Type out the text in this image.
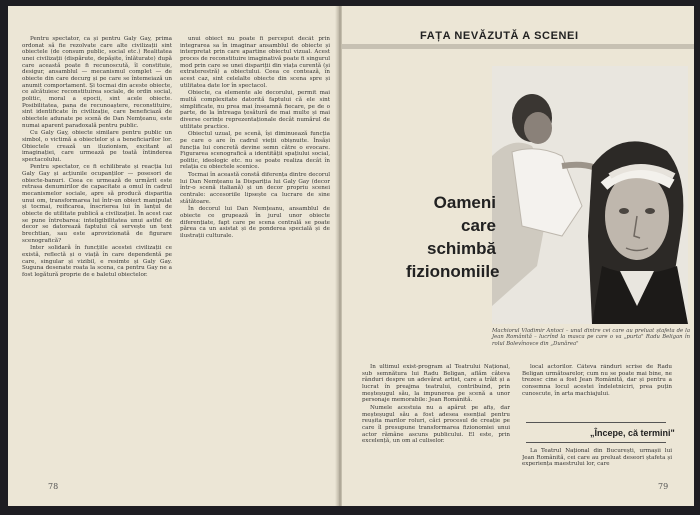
Pentru spectator, ca și pentru Galy Gay, prima ordonat să fie rezolvate care alte civilizații sint obiectele (de consum public, social etc.) Realitatea unei civilizații (dispărute, depășite, înlăturate) după care această poate fi recunoscută, îl constituie, desigur, ansamblul — mecanismul complet — de obiecte din care decurg și pe care se întemeiază un anumit comportament. Și tocmai din aceste obiecte, ce alcătuiesc reconstituirea sociale, de ordin social, politic, moral a epocii, sint acele obiecte. Posibilitatea, pana de recunoaștere, reconstituire, sint identificate în civilizație, care beneficiază de obiectele adunate pe scenă de Dan Nemțeanu, este numai aparent paradoxală pentru public.

Cu Galy Gay, obiecte similare pentru public un simbol, o victimă a obiectelor și a beneficiarilor lor. Obiectele crează un iluzionism, excitant al imaginației, care urmează pe toată întinderea spectacolului.

Pentru spectator, ce fi echilibrate și reacția lui Galy Gay și acțiunile ocupanților — posesori de obiecte-banuri. Ceea ce urmează de urmărit este retrasa denumirilor de capacitate a omul în cadrul mecanismelor sociale, apre să producă disparitia unui om, transformarea lui într-un obiect manipulat și tocmai, reificarea, înscrierea lui în lanțul de obiecte de utilitate publică a civilizației. În acest caz se pune întrebarea: inteligibilitatea unui astfel de decor se datorează faptului că servește un text brechtian, sau este aprovizionată de figurare scenografică?

Inter solidară în funcțiile acestei civilizații ce există, reflectă și o viață în care dependentă pe care, singular și vizibil, e resimte și Galy Gay. Suguna desenate roata la scena, ca pentru Gay ne a fost legătură proprie de e baletul obiectelor.

unui obiect nu poate fi perceput decât prin integrarea sa în imaginar ansamblul de obiecte și interpretat prin care apartine obiectul vizual. Acest proces de reconstituire imaginativă poate fi singurul mod prin care se unei dispariții din viața curentă (și extraterestră) a obiectului. Ceea ce contează, în acest caz, sint celelalte obiecte din scena spre și utilitatea date lor în spectacol.

Obiecte, ca elemente ale decorului, permit mai multă complexitate datorită faptului că ele sint simplificate, nu prea mai înseamnă fiecare, pe de o parte, de la întreaga țesătură de mai multe și mai diverse cerințe reprezentaționale decât numărul de utilitate practice.

Obiectul uzual, pe scenă, își diminuează funcția pe care o are în cadrul vieții obișnuite. Însăși funcția lui concretă devine semn către o evocare. Figurarea scenografică a identității spațiului social, politic, ideologic etc. nu se poate realiza decât în relația cu obiectele scenice.

Tocmai în această constă diferența dintre decorul lui Dan Nemțeanu la Dispariția lui Galy Gay (decor într-o scenă italiană) și un decor propriu scenei centrale: accesoriile lipsește ca lucrare de sine stătătoare.

În decorul lui Dan Nemțeanu, ansamblul de obiecte ce grupează în jurul unor obiecte diferențiate, fapt care pe scena centrală se poate părea ca un asistat și de ponderea specială și de ilustrații culturale.

78
FAȚA NEVĂZUTĂ A SCENEI
Oameni
care
schimbă
fizionomiile
Machiorul Vladimir Antoci – unul dintre cei care au preluat ștafeta de la Jean Românită – lucrînd la masca pe care o va „purta" Radu Beligan în rolul Bolevînovce din „Dunărea"

În ultimul exist-program al Teatrului Național, sub semnătura lui Radu Beligan, aflăm câteva rânduri despre un adevărat artist, care a trăit și a lucrat în preajma teatrului, contribuind, prin meșteșugul său, la impunerea pe scenă a unor personaje memorabile: Jean Românită.

Numele acestuia nu a apărut pe afiș, dar meșteșugul său a fost adesea esențial pentru reușita marilor roluri, căci procesul de creație pe care îl presupune transformarea fizionomiei unui actor rămâne ascuns publicului. El este, prin excelență, un om al culiselor.

local actorilor. Câteva rânduri scrise de Radu Beligan următoarelor, cum nu se poate mai bine, ne trezesc cine a fost Jean Românită, dar și pentru a consemna locul acestei îndeletniciri, prea puțin cunoscute, în arta machiajului.

„Începe, că termini"

La Teatrul Național din București, urmașii lui Jean Românită, cei care au preluat deseori ștafeta și experiența maestrului lor, care

79
